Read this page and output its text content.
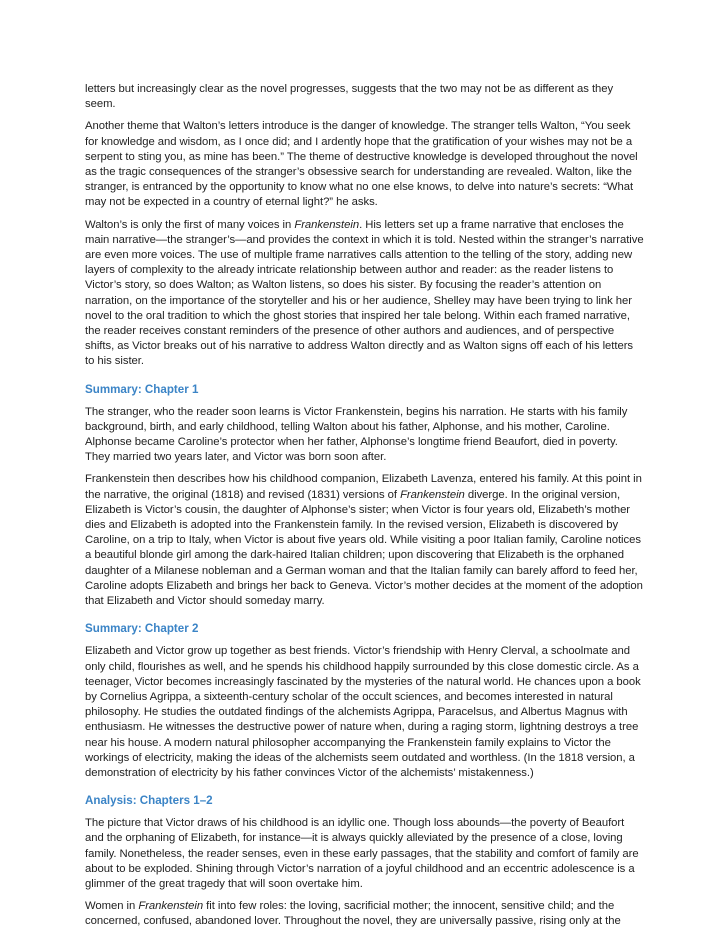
letters but increasingly clear as the novel progresses, suggests that the two may not be as different as they seem.

Another theme that Walton’s letters introduce is the danger of knowledge. The stranger tells Walton, “You seek for knowledge and wisdom, as I once did; and I ardently hope that the gratification of your wishes may not be a serpent to sting you, as mine has been.” The theme of destructive knowledge is developed throughout the novel as the tragic consequences of the stranger’s obsessive search for understanding are revealed. Walton, like the stranger, is entranced by the opportunity to know what no one else knows, to delve into nature’s secrets: “What may not be expected in a country of eternal light?” he asks.

Walton’s is only the first of many voices in Frankenstein. His letters set up a frame narrative that encloses the main narrative—the stranger’s—and provides the context in which it is told. Nested within the stranger’s narrative are even more voices. The use of multiple frame narratives calls attention to the telling of the story, adding new layers of complexity to the already intricate relationship between author and reader: as the reader listens to Victor’s story, so does Walton; as Walton listens, so does his sister. By focusing the reader’s attention on narration, on the importance of the storyteller and his or her audience, Shelley may have been trying to link her novel to the oral tradition to which the ghost stories that inspired her tale belong. Within each framed narrative, the reader receives constant reminders of the presence of other authors and audiences, and of perspective shifts, as Victor breaks out of his narrative to address Walton directly and as Walton signs off each of his letters to his sister.

Summary: Chapter 1

The stranger, who the reader soon learns is Victor Frankenstein, begins his narration. He starts with his family background, birth, and early childhood, telling Walton about his father, Alphonse, and his mother, Caroline. Alphonse became Caroline’s protector when her father, Alphonse’s longtime friend Beaufort, died in poverty. They married two years later, and Victor was born soon after.

Frankenstein then describes how his childhood companion, Elizabeth Lavenza, entered his family. At this point in the narrative, the original (1818) and revised (1831) versions of Frankenstein diverge. In the original version, Elizabeth is Victor’s cousin, the daughter of Alphonse’s sister; when Victor is four years old, Elizabeth’s mother dies and Elizabeth is adopted into the Frankenstein family. In the revised version, Elizabeth is discovered by Caroline, on a trip to Italy, when Victor is about five years old. While visiting a poor Italian family, Caroline notices a beautiful blonde girl among the dark-haired Italian children; upon discovering that Elizabeth is the orphaned daughter of a Milanese nobleman and a German woman and that the Italian family can barely afford to feed her, Caroline adopts Elizabeth and brings her back to Geneva. Victor’s mother decides at the moment of the adoption that Elizabeth and Victor should someday marry.

Summary: Chapter 2

Elizabeth and Victor grow up together as best friends. Victor’s friendship with Henry Clerval, a schoolmate and only child, flourishes as well, and he spends his childhood happily surrounded by this close domestic circle. As a teenager, Victor becomes increasingly fascinated by the mysteries of the natural world. He chances upon a book by Cornelius Agrippa, a sixteenth-century scholar of the occult sciences, and becomes interested in natural philosophy. He studies the outdated findings of the alchemists Agrippa, Paracelsus, and Albertus Magnus with enthusiasm. He witnesses the destructive power of nature when, during a raging storm, lightning destroys a tree near his house. A modern natural philosopher accompanying the Frankenstein family explains to Victor the workings of electricity, making the ideas of the alchemists seem outdated and worthless. (In the 1818 version, a demonstration of electricity by his father convinces Victor of the alchemists’ mistakenness.)

Analysis: Chapters 1–2

The picture that Victor draws of his childhood is an idyllic one. Though loss abounds—the poverty of Beaufort and the orphaning of Elizabeth, for instance—it is always quickly alleviated by the presence of a close, loving family. Nonetheless, the reader senses, even in these early passages, that the stability and comfort of family are about to be exploded. Shining through Victor’s narration of a joyful childhood and an eccentric adolescence is a glimmer of the great tragedy that will soon overtake him.

Women in Frankenstein fit into few roles: the loving, sacrificial mother; the innocent, sensitive child; and the concerned, confused, abandoned lover. Throughout the novel, they are universally passive, rising only at the
